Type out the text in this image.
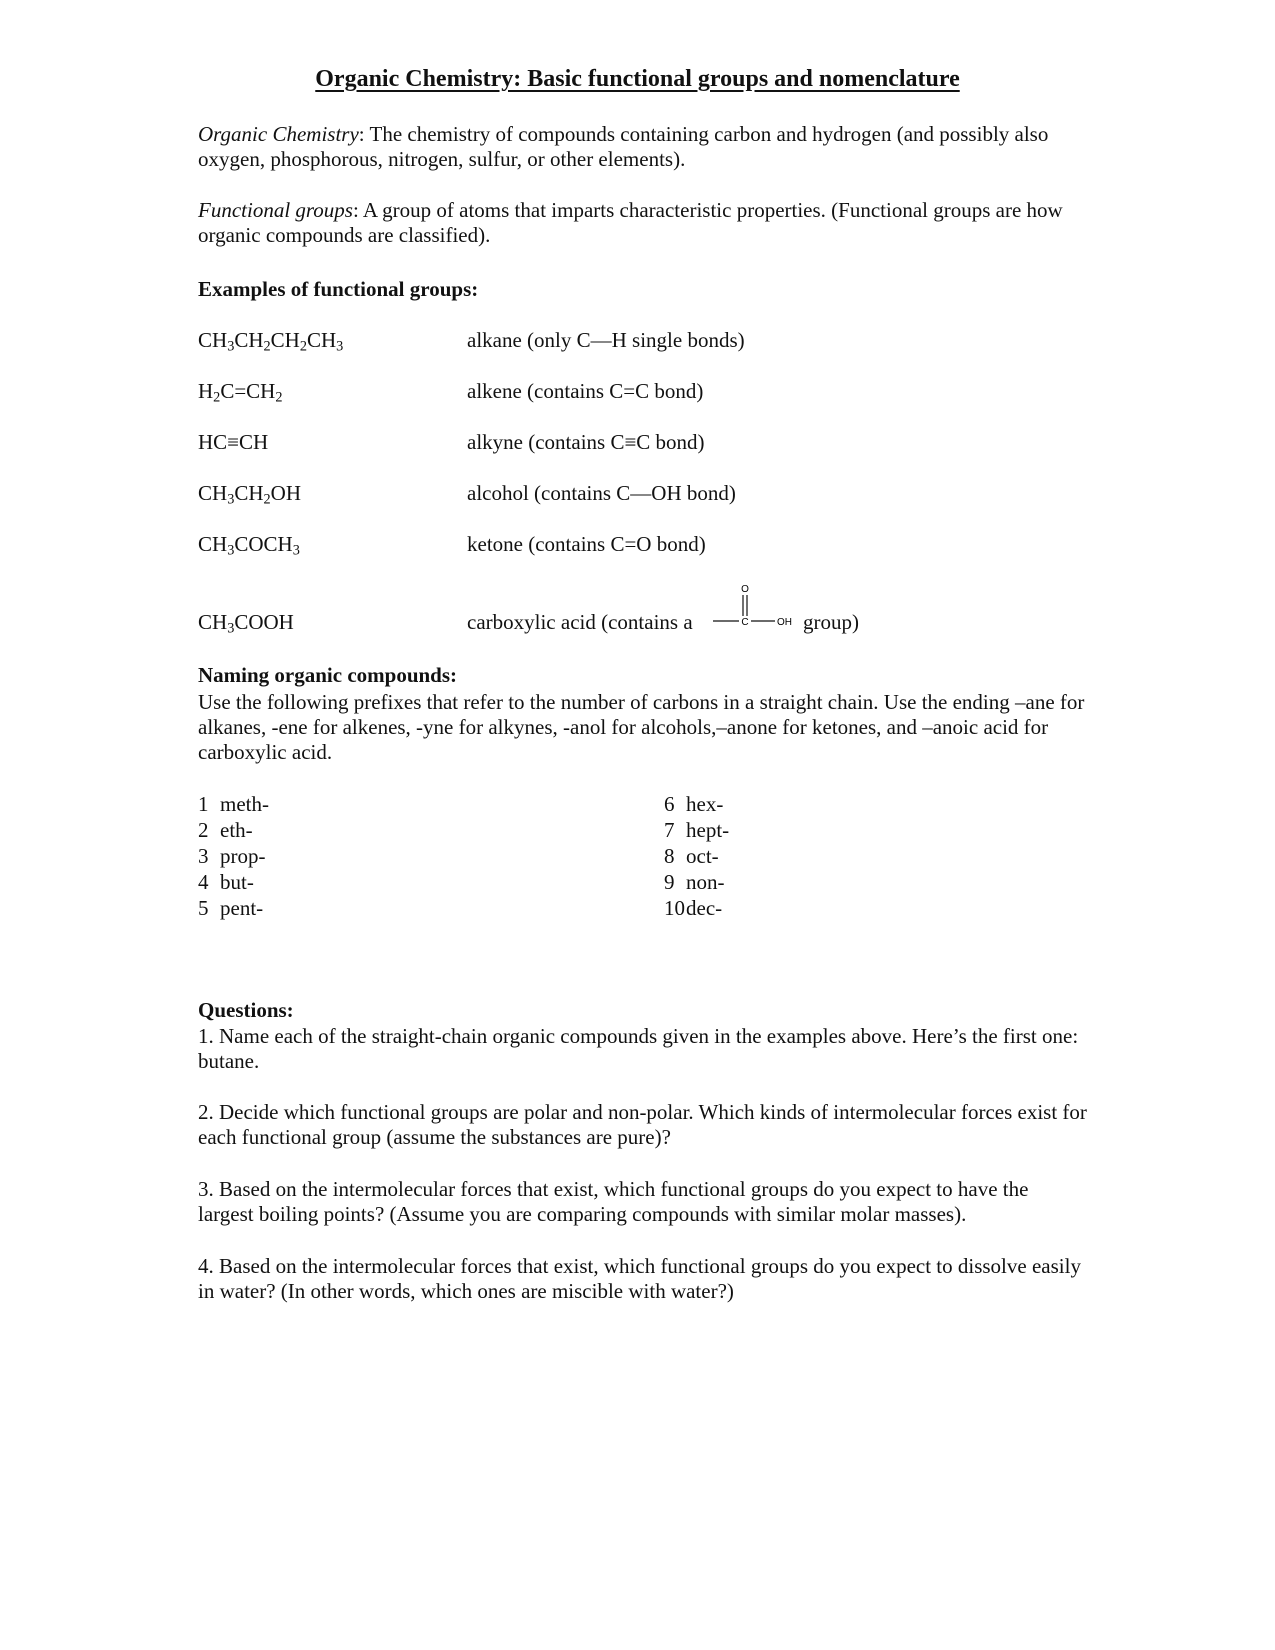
Organic Chemistry: Basic functional groups and nomenclature
Organic Chemistry: The chemistry of compounds containing carbon and hydrogen (and possibly also oxygen, phosphorous, nitrogen, sulfur, or other elements).
Functional groups: A group of atoms that imparts characteristic properties. (Functional groups are how organic compounds are classified).
Examples of functional groups:
$CH_3CH_2CH_2CH_3$	alkane (only C—H single bonds)
$H_2C=CH_2$	alkene (contains C=C bond)
HC≡CH	alkyne (contains C≡C bond)
$CH_3CH_2OH$	alcohol (contains C—OH bond)
$CH_3COCH_3$	ketone (contains C=O bond)
$CH_3COOH$	carboxylic acid (contains a
O
C	OH group)
Naming organic compounds:
Use the following prefixes that refer to the number of carbons in a straight chain. Use the ending –ane for alkanes, -ene for alkenes, -yne for alkynes, -anol for alcohols,–anone for ketones, and –anoic acid for carboxylic acid.
1 meth-
2 eth-
3 prop-
4 but-
5 pent-
6 hex-
7 hept-
8 oct-
9 non-
10dec-
Questions:
1. Name each of the straight-chain organic compounds given in the examples above. Here’s the first one: butane.
2. Decide which functional groups are polar and non-polar. Which kinds of intermolecular forces exist for each functional group (assume the substances are pure)?
3. Based on the intermolecular forces that exist, which functional groups do you expect to have the largest boiling points? (Assume you are comparing compounds with similar molar masses).
4. Based on the intermolecular forces that exist, which functional groups do you expect to dissolve easily in water? (In other words, which ones are miscible with water?)
